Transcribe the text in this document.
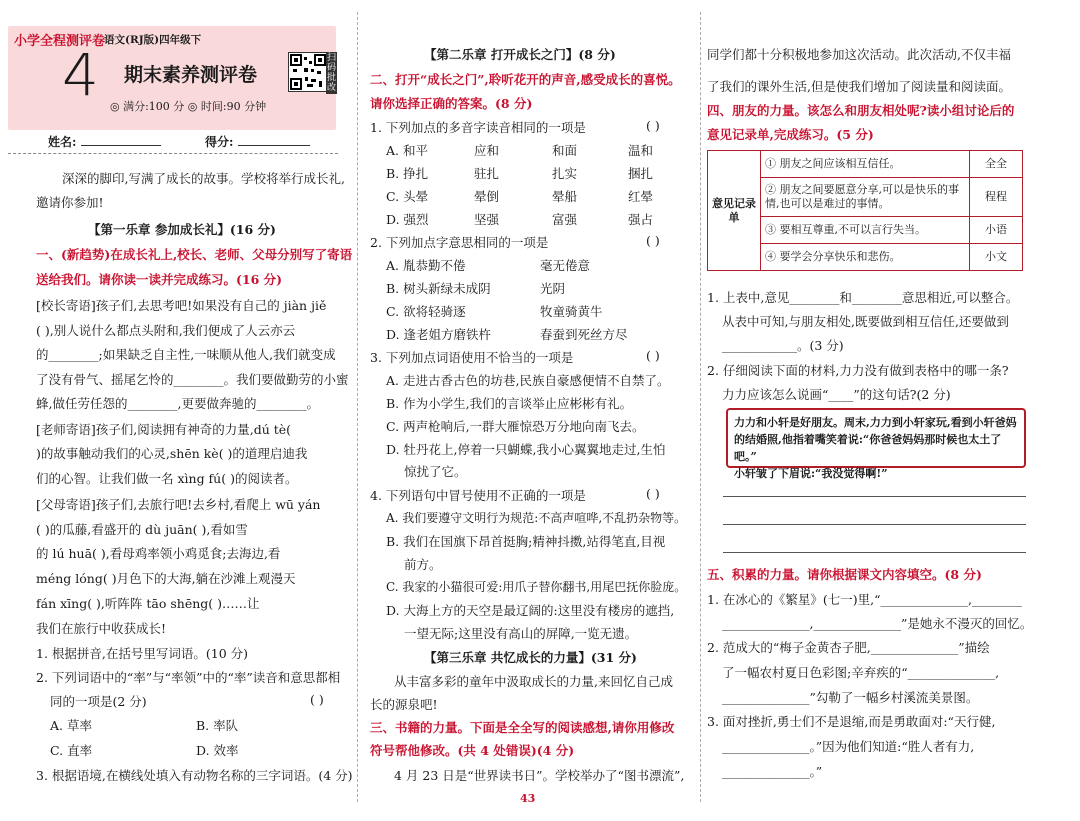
小学全程测评卷
语文(RJ版)四年级下
4 期末素养测评卷
◎ 满分:100 分 ◎ 时间:90 分钟
扫码批改
姓名:	得分:
深深的脚印,写满了成长的故事。学校将举行成长礼,
邀请你参加!
【第一乐章 参加成长礼】(16 分)
一、(新趋势)在成长礼上,校长、老师、父母分别写了寄语
送给我们。请你读一读并完成练习。(16 分)
[校长寄语]孩子们,去思考吧!如果没有自己的 jiàn jiě
( ),别人说什么都点头附和,我们便成了人云亦云
的________;如果缺乏自主性,一味顺从他人,我们就变成
了没有骨气、摇尾乞怜的________。我们要做勤劳的小蜜
蜂,做任劳任怨的________,更要做奔驰的________。
[老师寄语]孩子们,阅读拥有神奇的力量,dú tè(
)的故事触动我们的心灵,shēn kè( )的道理启迪我
们的心智。让我们做一名 xìng fú( )的阅读者。
[父母寄语]孩子们,去旅行吧!去乡村,看爬上 wū yán
( )的瓜藤,看盛开的 dù juān( ),看如雪
的 lú huā( ),看母鸡率领小鸡觅食;去海边,看
méng lóng( )月色下的大海,躺在沙滩上观漫天
fán xīng( ),听阵阵 tāo shēng( )……让
我们在旅行中收获成长!
1. 根据拼音,在括号里写词语。(10 分)
2. 下列词语中的“率”与“率领”中的“率”读音和意思都相
同的一项是(2 分)	( )
A. 草率	B. 率队
C. 直率	D. 效率
3. 根据语境,在横线处填入有动物名称的三字词语。(4 分)
【第二乐章 打开成长之门】(8 分)
二、打开“成长之门”,聆听花开的声音,感受成长的喜悦。
请你选择正确的答案。(8 分)
1. 下列加点的多音字读音相同的一项是	( )
A. 和平	应和	和面	温和
B. 挣扎	驻扎	扎实	捆扎
C. 头晕	晕倒	晕船	红晕
D. 强烈	坚强	富强	强占
2. 下列加点字意思相同的一项是	( )
A. 胤恭勤不倦	毫无倦意
B. 树头新绿未成阴	光阴
C. 欲将轻骑逐	牧童骑黄牛
D. 逢老姐方磨铁杵	春蚕到死丝方尽
3. 下列加点词语使用不恰当的一项是	( )
A. 走进古香古色的坊巷,民族自豪感便情不自禁了。
B. 作为小学生,我们的言谈举止应彬彬有礼。
C. 两声枪响后,一群大雁惊恐万分地向南飞去。
D. 牡丹花上,停着一只蝴蝶,我小心翼翼地走过,生怕
惊扰了它。
4. 下列语句中冒号使用不正确的一项是	( )
A. 我们要遵守文明行为规范:不高声喧哗,不乱扔杂物等。
B. 我们在国旗下昂首挺胸;精神抖擞,站得笔直,目视
前方。
C. 我家的小猫很可爱:用爪子替你翻书,用尾巴抚你脸庞。
D. 大海上方的天空是最辽阔的:这里没有楼房的遮挡,
一望无际;这里没有高山的屏障,一览无遗。
【第三乐章 共忆成长的力量】(31 分)
从丰富多彩的童年中汲取成长的力量,来回忆自己成
长的源泉吧!
三、书籍的力量。下面是全全写的阅读感想,请你用修改
符号帮他修改。(共 4 处错误)(4 分)
4 月 23 日是“世界读书日”。学校举办了“图书漂流”,
同学们都十分积极地参加这次活动。此次活动,不仅丰福
了我们的课外生活,但是使我们增加了阅读量和阅读面。
四、朋友的力量。该怎么和朋友相处呢?读小组讨论后的
意见记录单,完成练习。(5 分)
意见记录单	① 朋友之间应该相互信任。	全全
	② 朋友之间要愿意分享,可以是快乐的事情,也可以是难过的事情。	程程
	③ 要相互尊重,不可以言行失当。	小语
	④ 要学会分享快乐和悲伤。	小文
1. 上表中,意见________和________意思相近,可以整合。
从表中可知,与朋友相处,既要做到相互信任,还要做到
____________。(3 分)
2. 仔细阅读下面的材料,力力没有做到表格中的哪一条?
力力应该怎么说画“____”的这句话?(2 分)
力力和小轩是好朋友。周末,力力到小轩家玩,看到小轩爸妈
的结婚照,他指着嘴笑着说:“你爸爸妈妈那时候也太土了吧。”
小轩皱了下眉说:“我没觉得啊!”
五、积累的力量。请你根据课文内容填空。(8 分)
1. 在冰心的《繁星》(七一)里,“______________,________
______________,______________”是她永不漫灭的回忆。
2. 范成大的“梅子金黄杏子肥,______________”描绘
了一幅农村夏日色彩图;辛弃疾的“______________,
______________”勾勒了一幅乡村溪流美景图。
3. 面对挫折,勇士们不是退缩,而是勇敢面对:“天行健,
______________。”因为他们知道:“胜人者有力,
______________。”
43
